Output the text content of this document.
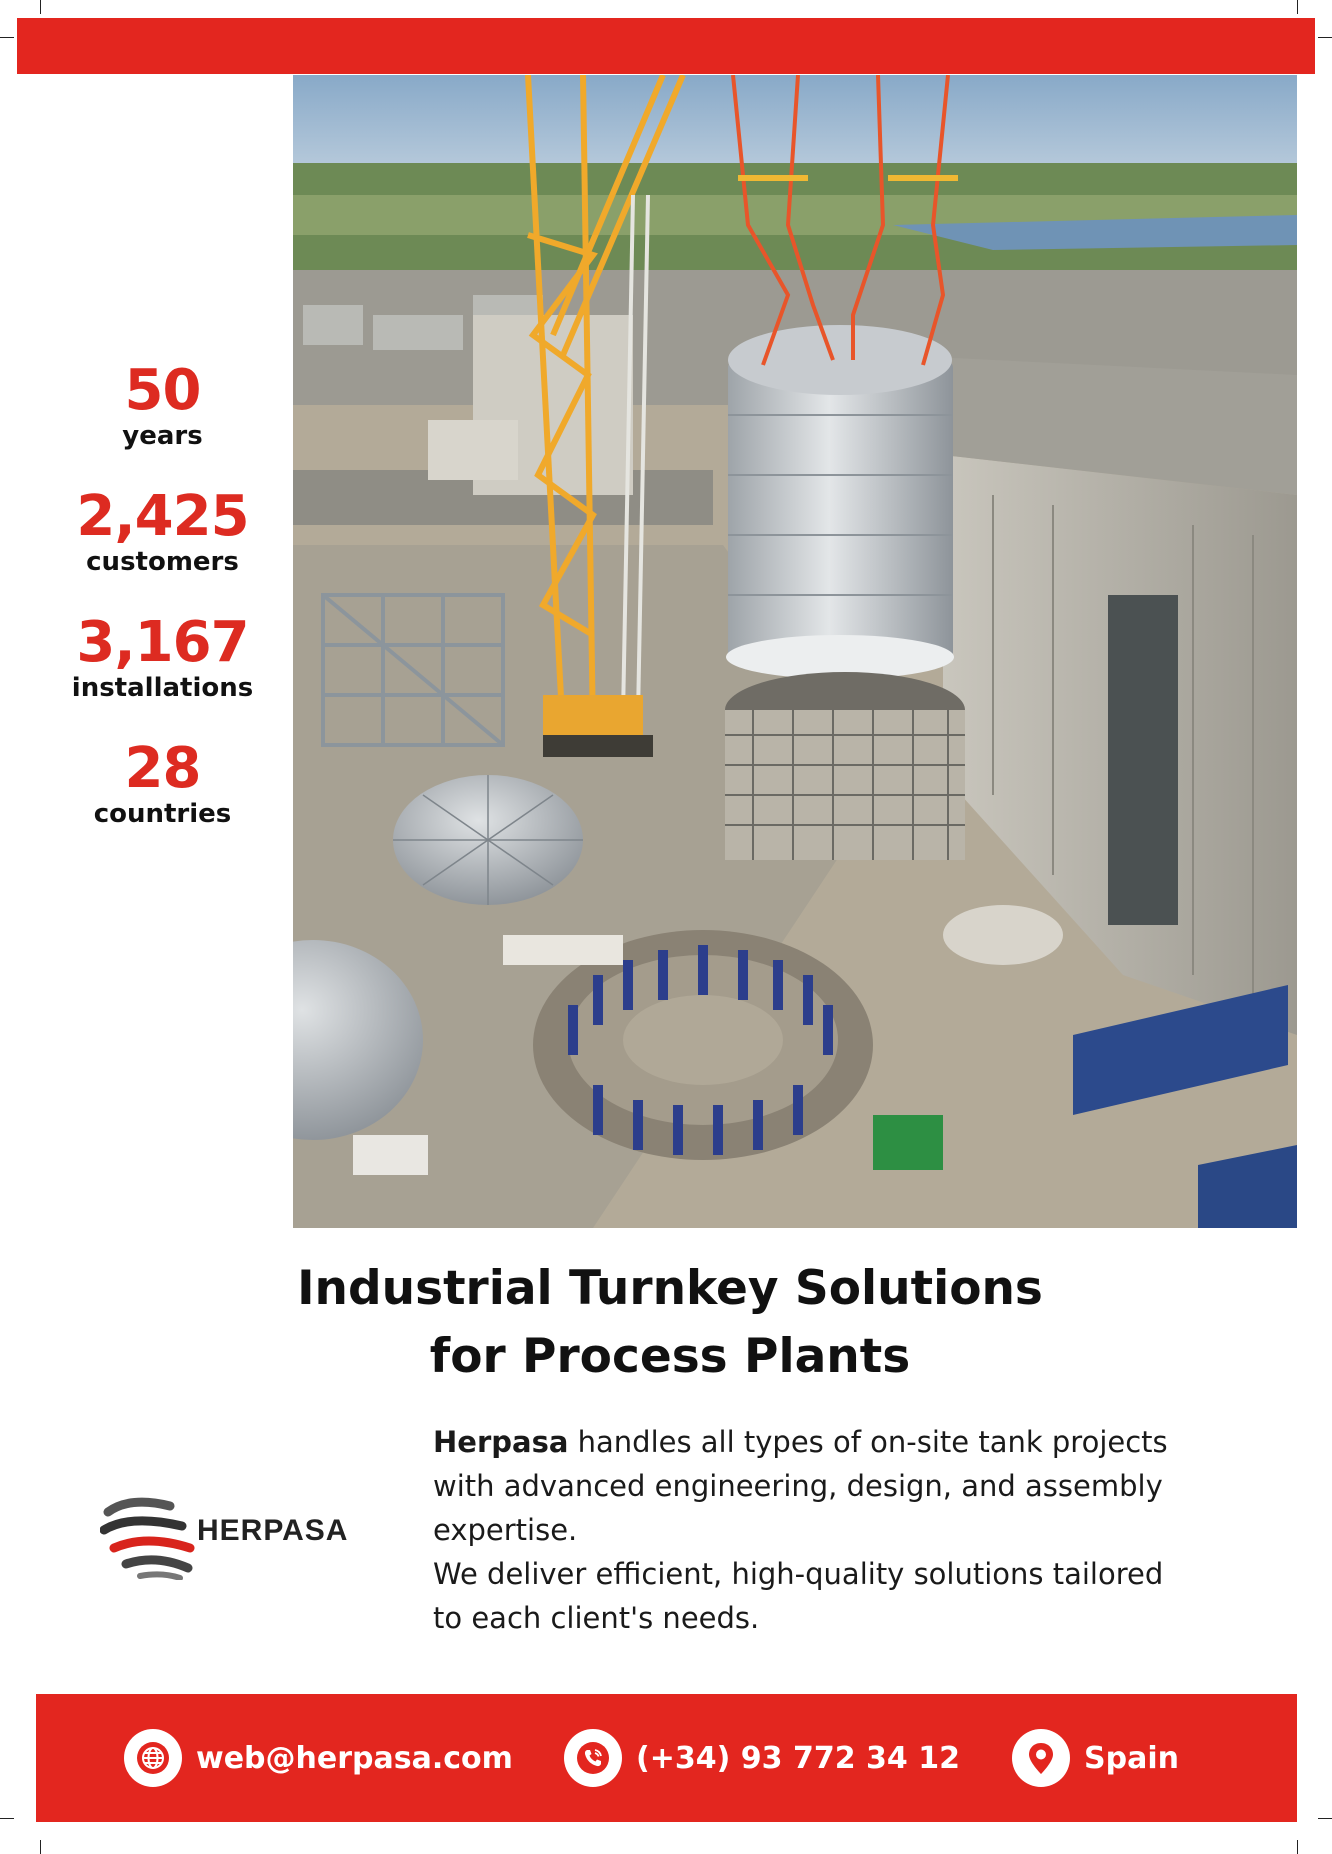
50
years
2,425
customers
3,167
installations
28
countries
Industrial Turnkey Solutions
for Process Plants
HERPASA
Herpasa handles all types of on-site tank projects
with advanced engineering, design, and assembly
expertise.
We deliver efficient, high-quality solutions tailored
to each client's needs.
web@herpasa.com	(+34) 93 772 34 12	Spain
